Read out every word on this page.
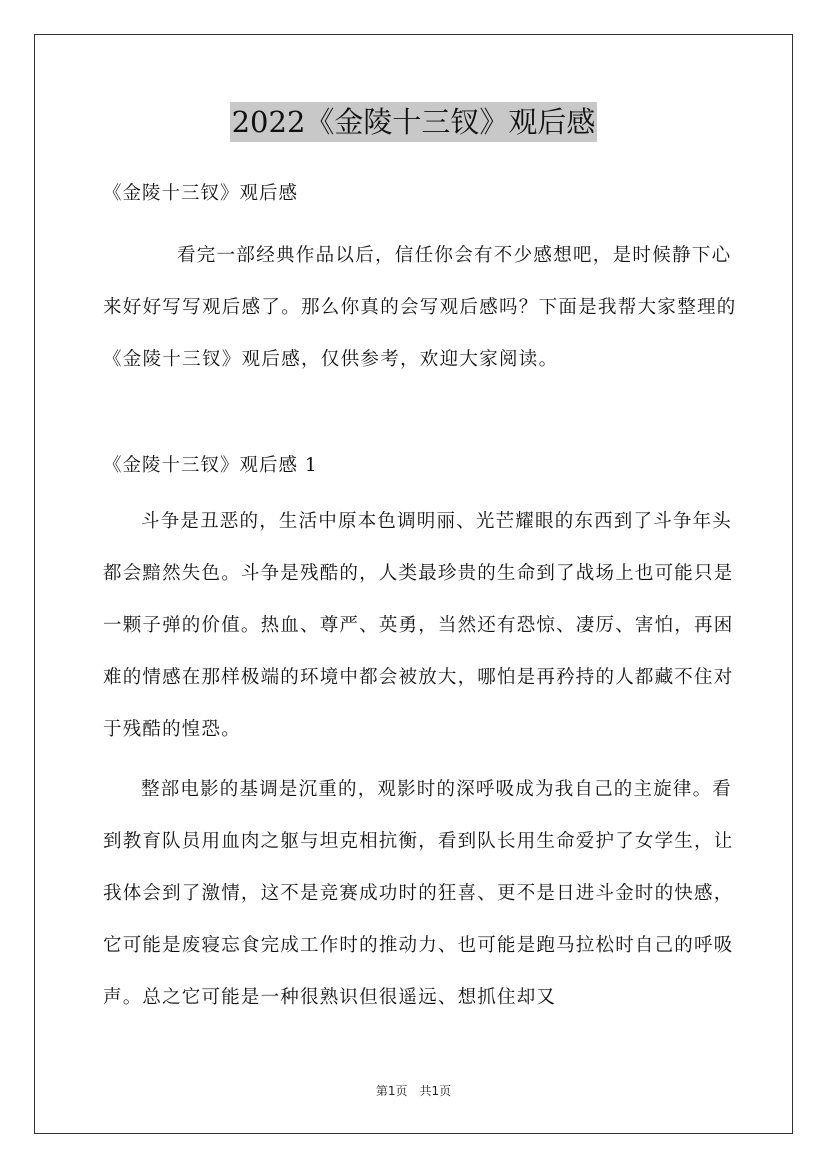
2022《金陵十三钗》观后感

《金陵十三钗》观后感

看完一部经典作品以后，信任你会有不少感想吧，是时候静下心来好好写写观后感了。那么你真的会写观后感吗？下面是我帮大家整理的《金陵十三钗》观后感，仅供参考，欢迎大家阅读。

《金陵十三钗》观后感 1

斗争是丑恶的，生活中原本色调明丽、光芒耀眼的东西到了斗争年头都会黯然失色。斗争是残酷的，人类最珍贵的生命到了战场上也可能只是一颗子弹的价值。热血、尊严、英勇，当然还有恐惊、凄厉、害怕，再困难的情感在那样极端的环境中都会被放大，哪怕是再矜持的人都藏不住对于残酷的惶恐。

整部电影的基调是沉重的，观影时的深呼吸成为我自己的主旋律。看到教育队员用血肉之躯与坦克相抗衡，看到队长用生命爱护了女学生，让我体会到了激情，这不是竞赛成功时的狂喜、更不是日进斗金时的快感，它可能是废寝忘食完成工作时的推动力、也可能是跑马拉松时自己的呼吸声。总之它可能是一种很熟识但很遥远、想抓住却又

第1页　共1页
